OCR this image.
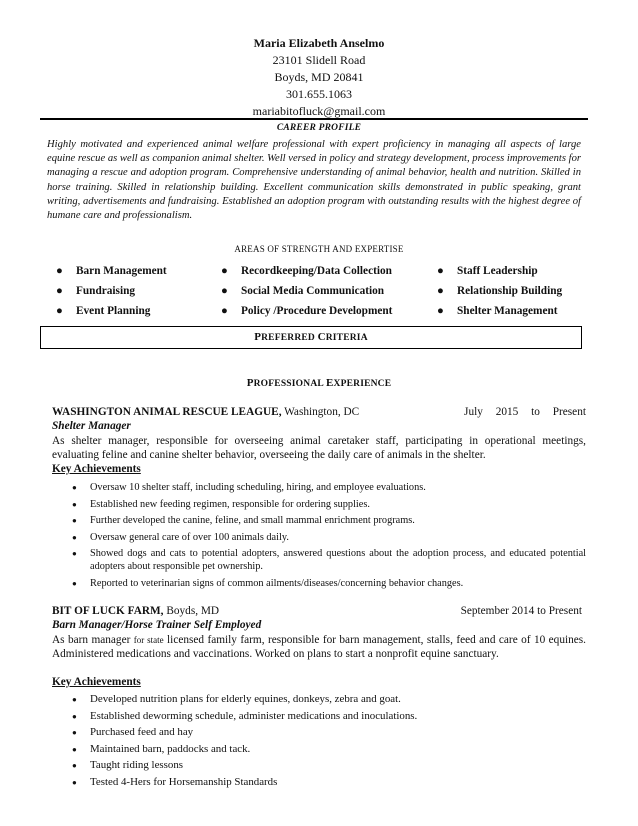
Maria Elizabeth Anselmo
23101 Slidell Road
Boyds, MD 20841
301.655.1063
mariabitofluck@gmail.com
CAREER PROFILE
Highly motivated and experienced animal welfare professional with expert proficiency in managing all aspects of large equine rescue as well as companion animal shelter. Well versed in policy and strategy development, process improvements for managing a rescue and adoption program. Comprehensive understanding of animal behavior, health and nutrition. Skilled in horse training. Skilled in relationship building. Excellent communication skills demonstrated in public speaking, grant writing, advertisements and fundraising. Established an adoption program with outstanding results with the highest degree of humane care and professionalism.
AREAS OF STRENGTH AND EXPERTISE
● Barn Management
● Fundraising
● Event Planning
● Recordkeeping/Data Collection
● Social Media Communication
● Policy /Procedure Development
● Staff Leadership
● Relationship Building
● Shelter Management
PREFERRED CRITERIA
PROFESSIONAL EXPERIENCE
WASHINGTON ANIMAL RESCUE LEAGUE, Washington, DC	July 2015 to Present
Shelter Manager
As shelter manager, responsible for overseeing animal caretaker staff, participating in operational meetings, evaluating feline and canine shelter behavior, overseeing the daily care of animals in the shelter.
Key Achievements
● Oversaw 10 shelter staff, including scheduling, hiring, and employee evaluations.
● Established new feeding regimen, responsible for ordering supplies.
● Further developed the canine, feline, and small mammal enrichment programs.
● Oversaw general care of over 100 animals daily.
● Showed dogs and cats to potential adopters, answered questions about the adoption process, and educated potential adopters about responsible pet ownership.
● Reported to veterinarian signs of common ailments/diseases/concerning behavior changes.
BIT OF LUCK FARM, Boyds, MD	September 2014 to Present
Barn Manager/Horse Trainer Self Employed
As barn manager for state licensed family farm, responsible for barn management, stalls, feed and care of 10 equines. Administered medications and vaccinations. Worked on plans to start a nonprofit equine sanctuary.
Key Achievements
● Developed nutrition plans for elderly equines, donkeys, zebra and goat.
● Established deworming schedule, administer medications and inoculations.
● Purchased feed and hay
● Maintained barn, paddocks and tack.
● Taught riding lessons
● Tested 4-Hers for Horsemanship Standards
